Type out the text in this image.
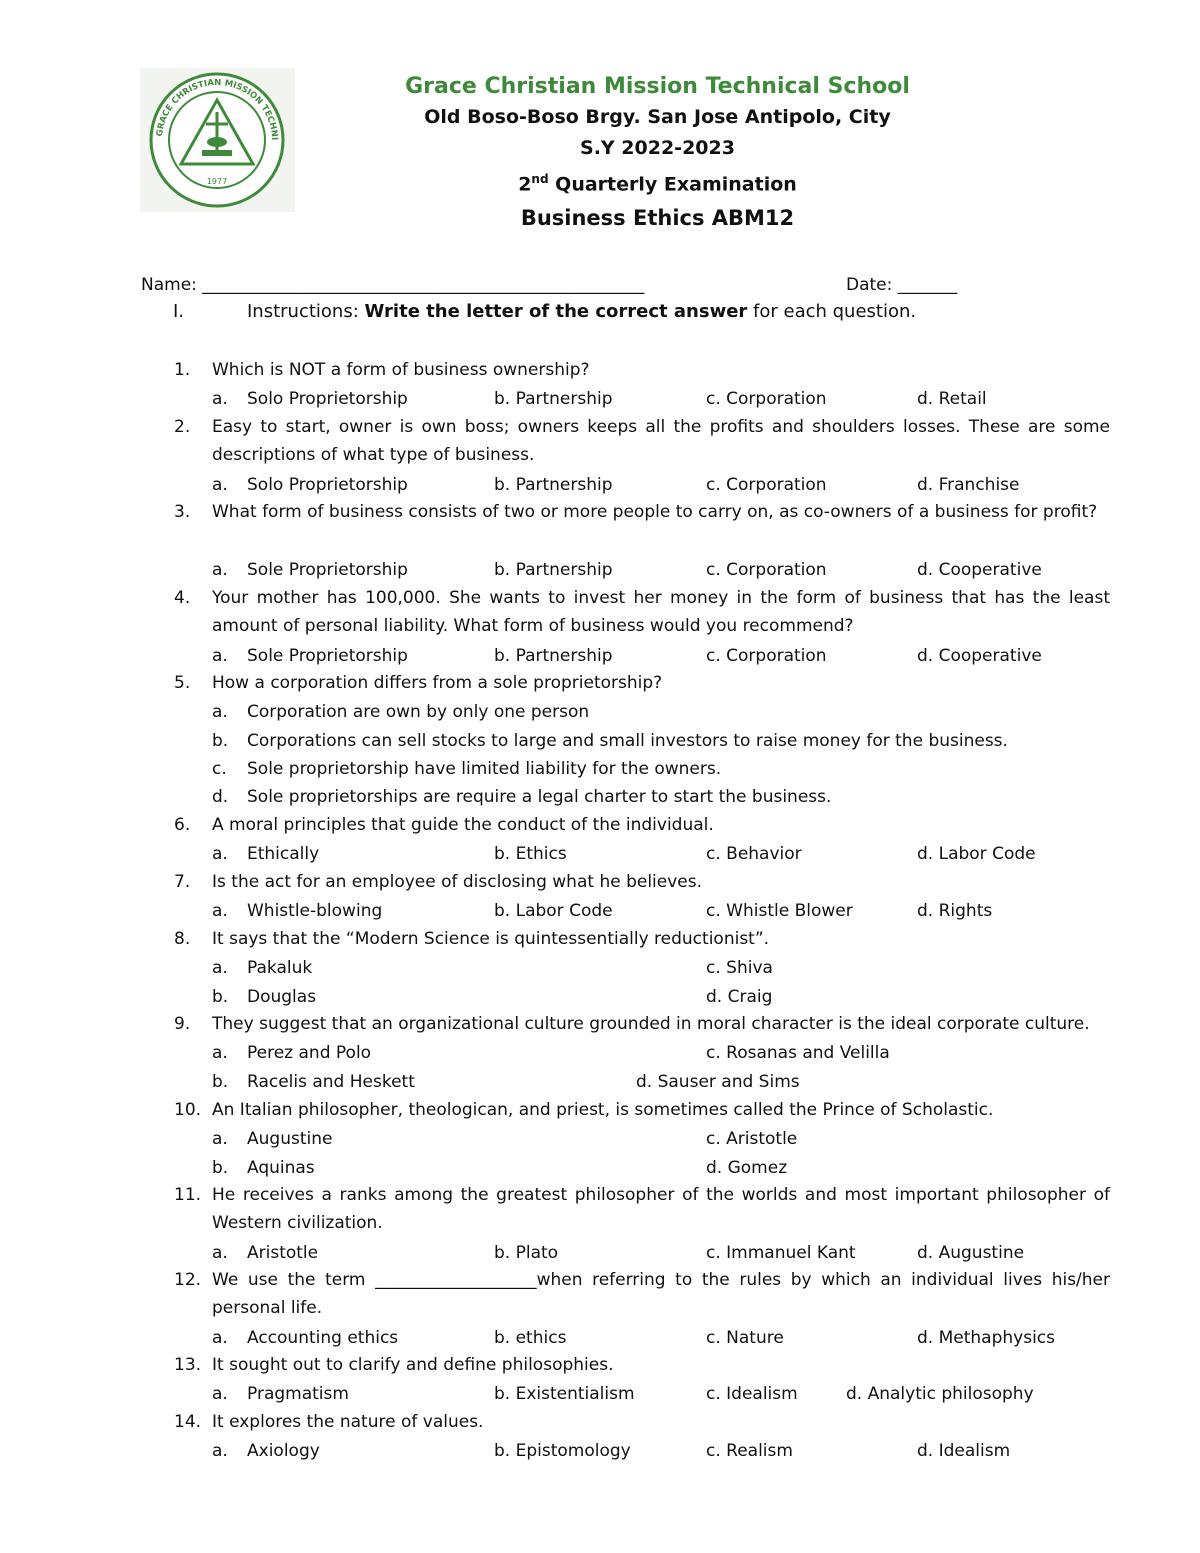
1977
GRACE CHRISTIAN MISSION TECHNI
Grace Christian Mission Technical School
Old Boso-Boso Brgy. San Jose Antipolo, City
S.Y 2022-2023
2nd Quarterly Examination
Business Ethics ABM12
Name: ____________________________________________________	Date: _______
I.	Instructions: Write the letter of the correct answer for each question.
1.	Which is NOT a form of business ownership?
a. Solo Proprietorship	b. Partnership	c. Corporation	d. Retail
2.	Easy to start, owner is own boss; owners keeps all the profits and shoulders losses. These are some descriptions of what type of business.
a. Solo Proprietorship	b. Partnership	c. Corporation	d. Franchise
3.	What form of business consists of two or more people to carry on, as co-owners of a business for profit?
a. Sole Proprietorship	b. Partnership	c. Corporation	d. Cooperative
4.	Your mother has 100,000. She wants to invest her money in the form of business that has the least amount of personal liability. What form of business would you recommend?
a. Sole Proprietorship	b. Partnership	c. Corporation	d. Cooperative
5.	How a corporation differs from a sole proprietorship?
a. Corporation are own by only one person
b. Corporations can sell stocks to large and small investors to raise money for the business.
c. Sole proprietorship have limited liability for the owners.
d. Sole proprietorships are require a legal charter to start the business.
6.	A moral principles that guide the conduct of the individual.
a. Ethically	b. Ethics	c. Behavior	d. Labor Code
7.	Is the act for an employee of disclosing what he believes.
a. Whistle-blowing	b. Labor Code	c. Whistle Blower	d. Rights
8.	It says that the “Modern Science is quintessentially reductionist”.
a. Pakaluk	c. Shiva
b. Douglas	d. Craig
9.	They suggest that an organizational culture grounded in moral character is the ideal corporate culture.
a. Perez and Polo	c. Rosanas and Velilla
b. Racelis and Heskett	d. Sauser and Sims
10. An Italian philosopher, theologican, and priest, is sometimes called the Prince of Scholastic.
a. Augustine	c. Aristotle
b. Aquinas	d. Gomez
11. He receives a ranks among the greatest philosopher of the worlds and most important philosopher of Western civilization.
a. Aristotle	b. Plato	c. Immanuel Kant	d. Augustine
12. We use the term ___________________when referring to the rules by which an individual lives his/her personal life.
a. Accounting ethics	b. ethics	c. Nature	d. Methaphysics
13. It sought out to clarify and define philosophies.
a. Pragmatism	b. Existentialism	c. Idealism	d. Analytic philosophy
14. It explores the nature of values.
a. Axiology	b. Epistomology	c. Realism	d. Idealism
